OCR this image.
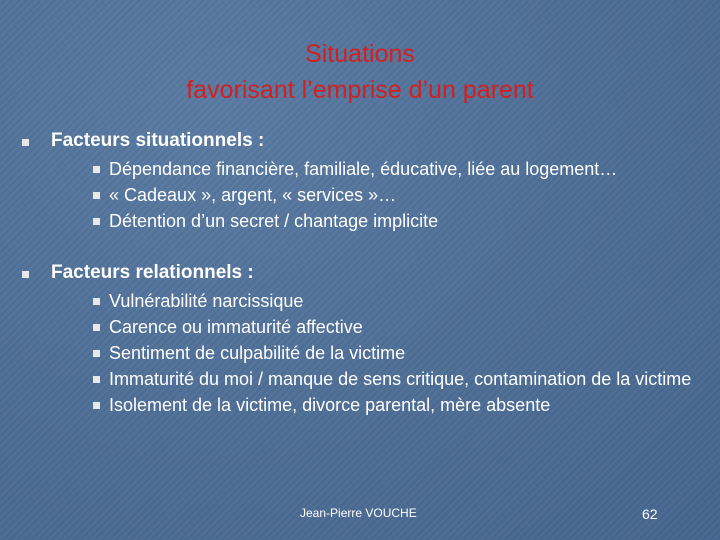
Situations
favorisant l’emprise d’un parent
Facteurs situationnels :
Dépendance financière, familiale, éducative, liée au logement…
« Cadeaux », argent, « services »…
Détention d’un secret / chantage implicite
Facteurs relationnels :
Vulnérabilité narcissique
Carence ou immaturité affective
Sentiment de culpabilité de la victime
Immaturité du moi / manque de sens critique, contamination de la victime
Isolement de la victime, divorce parental, mère absente
Jean-Pierre VOUCHE	62
